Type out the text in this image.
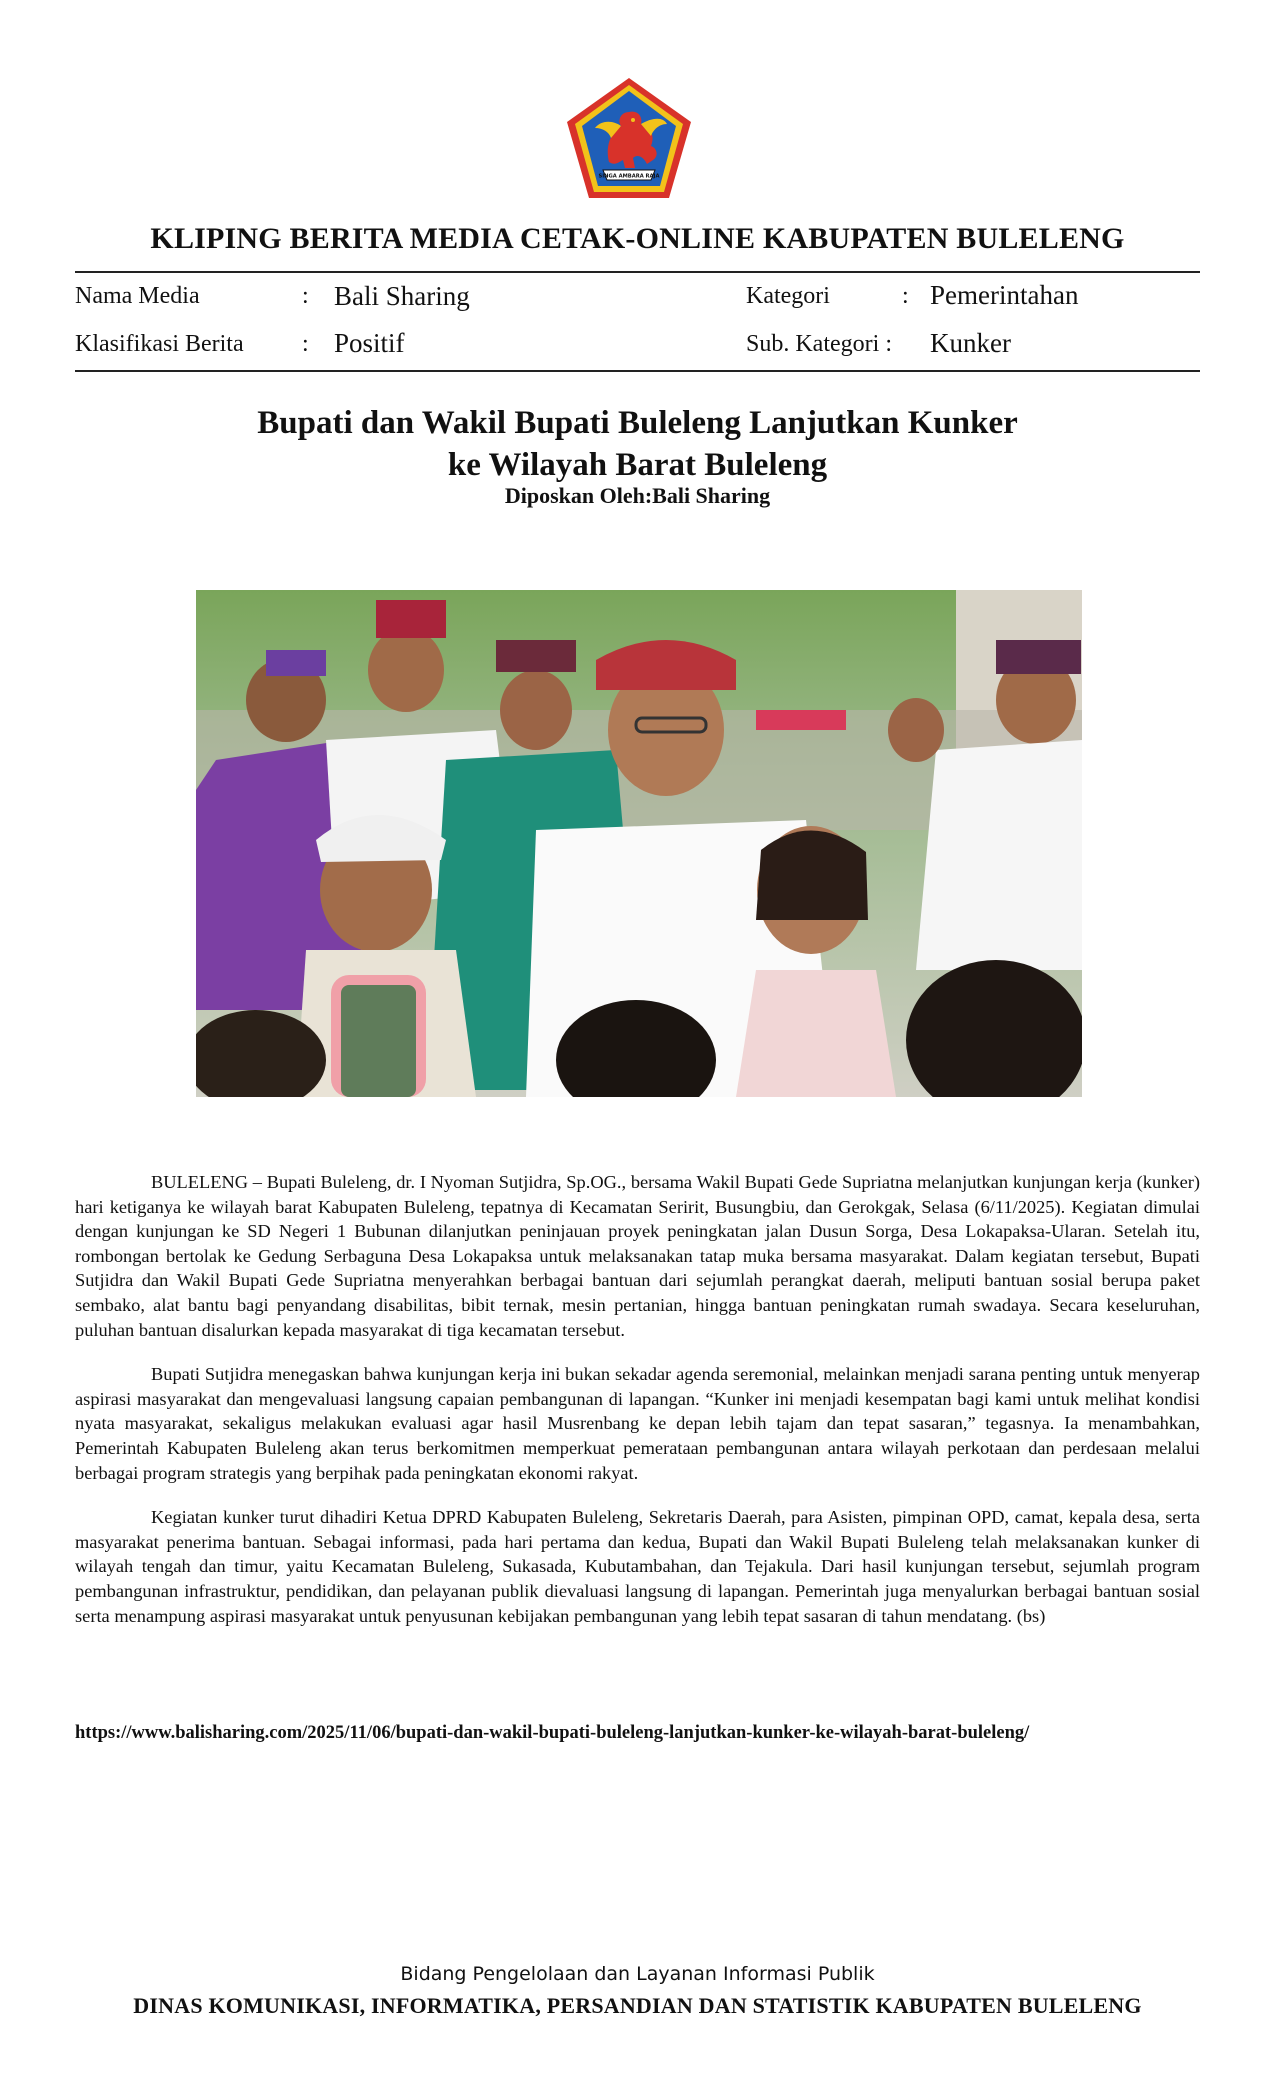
SINGA AMBARA RAJA
KLIPING BERITA MEDIA CETAK-ONLINE KABUPATEN BULELENG
Nama Media	: Bali Sharing
Klasifikasi Berita : Positif
Kategori	: Pemerintahan
Sub. Kategori : Kunker
Bupati dan Wakil Bupati Buleleng Lanjutkan Kunker
ke Wilayah Barat Buleleng
Diposkan Oleh:Bali Sharing

BULELENG – Bupati Buleleng, dr. I Nyoman Sutjidra, Sp.OG., bersama Wakil Bupati Gede Supriatna melanjutkan kunjungan kerja (kunker) hari ketiganya ke wilayah barat Kabupaten Buleleng, tepatnya di Kecamatan Seririt, Busungbiu, dan Gerokgak, Selasa (6/11/2025). Kegiatan dimulai dengan kunjungan ke SD Negeri 1 Bubunan dilanjutkan peninjauan proyek peningkatan jalan Dusun Sorga, Desa Lokapaksa-Ularan. Setelah itu, rombongan bertolak ke Gedung Serbaguna Desa Lokapaksa untuk melaksanakan tatap muka bersama masyarakat. Dalam kegiatan tersebut, Bupati Sutjidra dan Wakil Bupati Gede Supriatna menyerahkan berbagai bantuan dari sejumlah perangkat daerah, meliputi bantuan sosial berupa paket sembako, alat bantu bagi penyandang disabilitas, bibit ternak, mesin pertanian, hingga bantuan peningkatan rumah swadaya. Secara keseluruhan, puluhan bantuan disalurkan kepada masyarakat di tiga kecamatan tersebut.

Bupati Sutjidra menegaskan bahwa kunjungan kerja ini bukan sekadar agenda seremonial, melainkan menjadi sarana penting untuk menyerap aspirasi masyarakat dan mengevaluasi langsung capaian pembangunan di lapangan. “Kunker ini menjadi kesempatan bagi kami untuk melihat kondisi nyata masyarakat, sekaligus melakukan evaluasi agar hasil Musrenbang ke depan lebih tajam dan tepat sasaran,” tegasnya. Ia menambahkan, Pemerintah Kabupaten Buleleng akan terus berkomitmen memperkuat pemerataan pembangunan antara wilayah perkotaan dan perdesaan melalui berbagai program strategis yang berpihak pada peningkatan ekonomi rakyat.

Kegiatan kunker turut dihadiri Ketua DPRD Kabupaten Buleleng, Sekretaris Daerah, para Asisten, pimpinan OPD, camat, kepala desa, serta masyarakat penerima bantuan. Sebagai informasi, pada hari pertama dan kedua, Bupati dan Wakil Bupati Buleleng telah melaksanakan kunker di wilayah tengah dan timur, yaitu Kecamatan Buleleng, Sukasada, Kubutambahan, dan Tejakula. Dari hasil kunjungan tersebut, sejumlah program pembangunan infrastruktur, pendidikan, dan pelayanan publik dievaluasi langsung di lapangan. Pemerintah juga menyalurkan berbagai bantuan sosial serta menampung aspirasi masyarakat untuk penyusunan kebijakan pembangunan yang lebih tepat sasaran di tahun mendatang. (bs)

https://www.balisharing.com/2025/11/06/bupati-dan-wakil-bupati-buleleng-lanjutkan-kunker-ke-wilayah-barat-buleleng/
Bidang Pengelolaan dan Layanan Informasi Publik
DINAS KOMUNIKASI, INFORMATIKA, PERSANDIAN DAN STATISTIK KABUPATEN BULELENG
